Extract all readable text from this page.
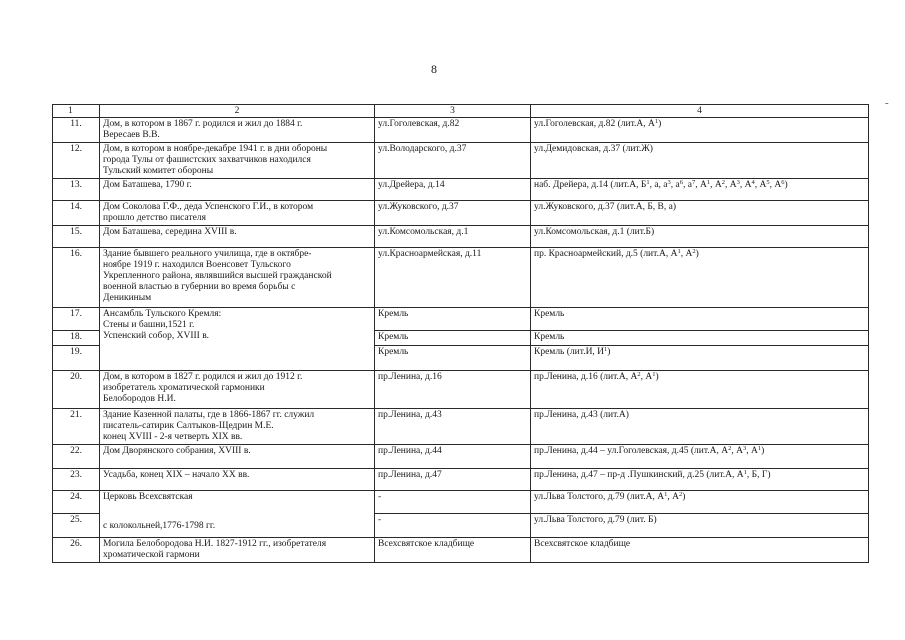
8
-
1	2	3	4
11.	Дом, в котором в 1867 г. родился и жил до 1884 г.
Вересаев В.В.	ул.Гоголевская, д.82	ул.Гоголевская, д.82 (лит.А, $А^1$)
12.	Дом, в котором в ноябре-декабре 1941 г. в дни обороны
города Тулы от фашистских захватчиков находился
Тульский комитет обороны	ул.Володарского, д.37	ул.Демидовская, д.37 (лит.Ж)
13.	Дом Баташева, 1790 г.	ул.Дрейера, д.14	наб. Дрейера, д.14 (лит.А, $Б^1$, а, $а^3$, $а^6$, $а^7$, $А^1$, $А^2$, $А^3$, $А^4$, $А^5$, $А^6$)
14.	Дом Соколова Г.Ф., деда Успенского Г.И., в котором
прошло детство писателя	ул.Жуковского, д.37	ул.Жуковского, д.37 (лит.А, Б, В, а)
15.	Дом Баташева, середина XVIII в.	ул.Комсомольская, д.1	ул.Комсомольская, д.1 (лит.Б)
16.	Здание бывшего реального училища, где в октябре-
ноябре 1919 г. находился Военсовет Тульского
Укрепленного района, являвшийся высшей гражданской
военной властью в губернии во время борьбы с
Деникиным	ул.Красноармейская, д.11	пр. Красноармейский, д.5 (лит.А, $А^1$, $А^2$)
17.	Ансамбль Тульского Кремля:
Стены и башни,1521 г.
Успенский собор, XVIII в.	Кремль	Кремль
18.		Кремль	Кремль
19.		Кремль	Кремль (лит.И, $И^1$)
20.	Дом, в котором в 1827 г. родился и жил до 1912 г.
изобретатель хроматической гармоники
Белобородов Н.И.	пр.Ленина, д.16	пр.Ленина, д.16 (лит.А, $А^2$, $А^1$)
21.	Здание Казенной палаты, где в 1866-1867 гг. служил
писатель-сатирик Салтыков-Щедрин М.Е.
конец XVIII - 2-я четверть XIX вв.	пр.Ленина, д.43	пр.Ленина, д.43 (лит.А)
22.	Дом Дворянского собрания, XVIII в.	пр.Ленина, д.44	пр.Ленина, д.44 – ул.Гоголевская, д.45 (лит.А, $А^2$, $А^3$, $А^1$)
23.	Усадьба, конец XIX – начало XX вв.	пр.Ленина, д.47	пр.Ленина, д.47 – пр-д .Пушкинский, д.25 (лит.А, $А^1$, Б, Г)
24.	Церковь Всехсвятская
с колокольней,1776-1798 гг.	-	ул.Льва Толстого, д.79 (лит.А, $А^1$, $А^2$)
25.		-	ул.Льва Толстого, д.79 (лит. Б)
26.	Могила Белобородова Н.И. 1827-1912 гг., изобретателя
хроматической гармони	Всехсвятское кладбище	Всехсвятское кладбище
